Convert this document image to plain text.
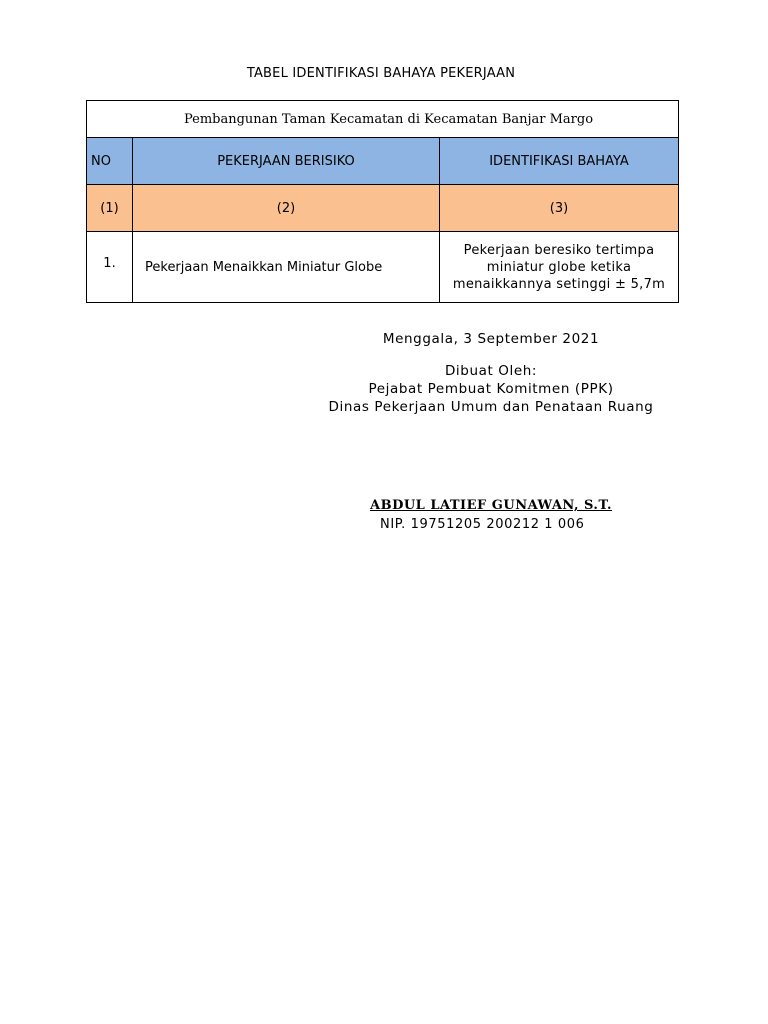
TABEL IDENTIFIKASI BAHAYA PEKERJAAN
Pembangunan Taman Kecamatan di Kecamatan Banjar Margo		
NO	PEKERJAAN BERISIKO	IDENTIFIKASI BAHAYA
(1)	(2)	(3)
1.	Pekerjaan Menaikkan Miniatur Globe	Pekerjaan beresiko tertimpa
miniatur globe ketika
menaikkannya setinggi ± 5,7m
Menggala, 3 September 2021
Dibuat Oleh:
Pejabat Pembuat Komitmen (PPK)
Dinas Pekerjaan Umum dan Penataan Ruang
ABDUL LATIEF GUNAWAN, S.T.
NIP. 19751205 200212 1 006
